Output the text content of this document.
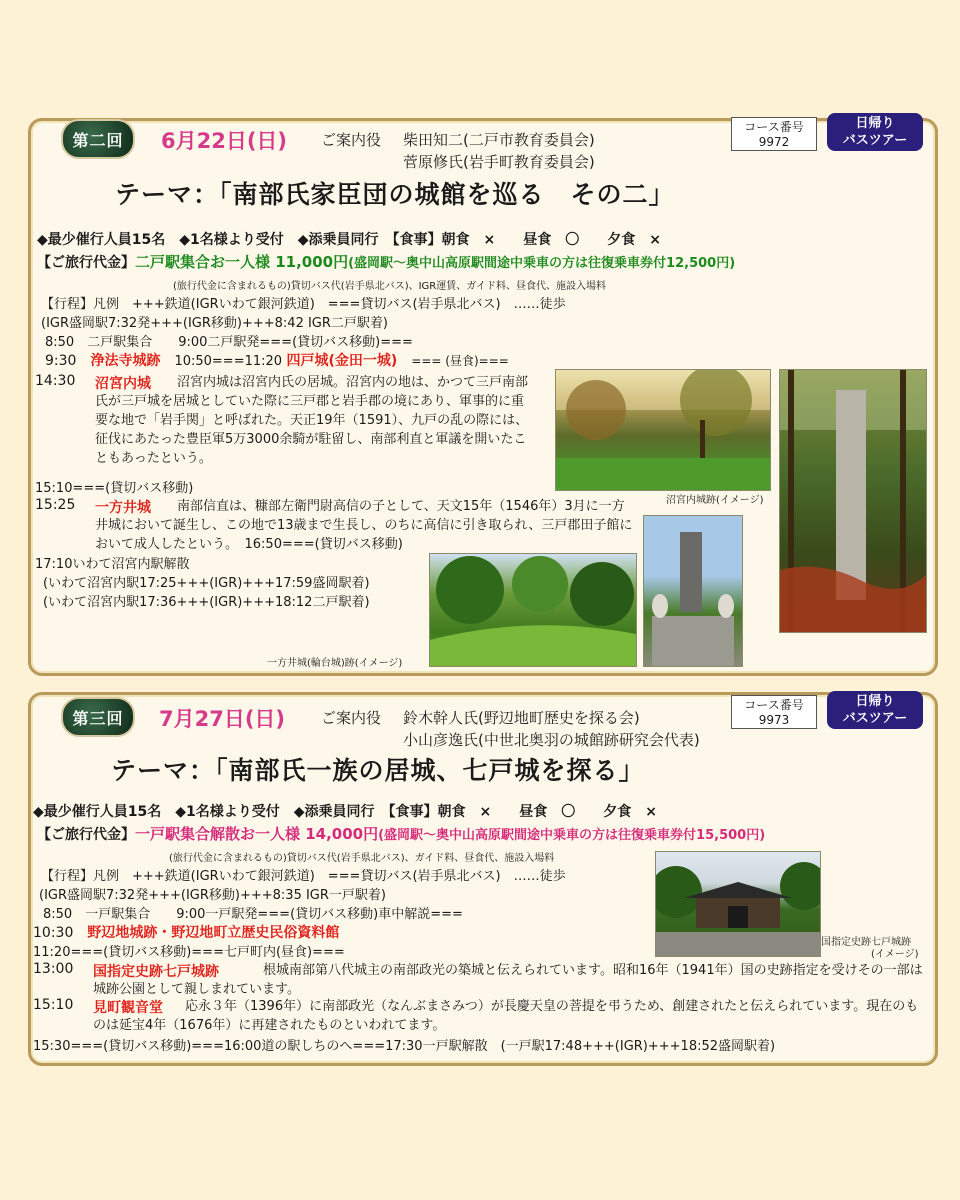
第二回	6月22日(日) ご案内役 柴田知二(二戸市教育委員会)
菅原修氏(岩手町教育委員会)
コース番号
9972
日帰り
バスツアー
テーマ：「南部氏家臣団の城館を巡る　その二」
◆最少催行人員15名　◆1名様より受付　◆添乗員同行　【食事】朝食　×　　昼食　〇　　夕食　×
【ご旅行代金】二戸駅集合お一人様 11,000円(盛岡駅～奥中山高原駅間途中乗車の方は往復乗車券付12,500円)
(旅行代金に含まれるもの)貸切バス代(岩手県北バス)、IGR運賃、ガイド料、昼食代、施設入場料
【行程】凡例　+++鉄道(IGRいわて銀河鉄道)　===貸切バス(岩手県北バス)　……徒歩
(IGR盛岡駅7:32発+++(IGR移動)+++8:42 IGR二戸駅着)
8:50　二戸駅集合　　9:00二戸駅発===(貸切バス移動)===
9:30　 浄法寺城跡　 10:50===11:20 四戸城(金田一城)　 === (昼食)===
14:30 沼宮内城	沼宮内城は沼宮内氏の居城。沼宮内の地は、かつて三戸南部氏が三戸城を居城としていた際に三戸郡と岩手郡の境にあり、軍事的に重要な地で「岩手関」と呼ばれた。天正19年（1591）、九戸の乱の際には、征伐にあたった豊臣軍5万3000余騎が駐留し、南部利直と軍議を開いたこともあったという。
15:10===(貸切バス移動)
15:25 一方井城	南部信直は、糠部左衛門尉高信の子として、天文15年（1546年）3月に一方井城において誕生し、この地で13歳まで生長し、のちに高信に引き取られ、三戸郡田子館において成人したという。　16:50===(貸切バス移動)
17:10いわて沼宮内駅解散
(いわて沼宮内駅17:25+++(IGR)+++17:59盛岡駅着)
(いわて沼宮内駅17:36+++(IGR)+++18:12二戸駅着)
沼宮内城跡(イメージ)
一方井城(輪台城)跡(イメージ)
第三回	7月27日(日) ご案内役 鈴木幹人氏(野辺地町歴史を探る会)
小山彦逸氏(中世北奥羽の城館跡研究会代表)
コース番号
9973
日帰り
バスツアー
テーマ：「南部氏一族の居城、七戸城を探る」
◆最少催行人員15名　◆1名様より受付　◆添乗員同行　【食事】朝食　×　　昼食　〇　　夕食　×
【ご旅行代金】一戸駅集合解散お一人様 14,000円(盛岡駅～奥中山高原駅間途中乗車の方は往復乗車券付15,500円)
(旅行代金に含まれるもの)貸切バス代(岩手県北バス)、ガイド料、昼食代、施設入場料
【行程】凡例　+++鉄道(IGRいわて銀河鉄道)　===貸切バス(岩手県北バス)　……徒歩
(IGR盛岡駅7:32発+++(IGR移動)+++8:35 IGR一戸駅着)
8:50　一戸駅集合　　9:00一戸駅発===(貸切バス移動)車中解説===
10:30　 野辺地城跡・野辺地町立歴史民俗資料館
11:20===(貸切バス移動)===七戸町内(昼食)===
13:00 国指定史跡七戸城跡	根城南部第八代城主の南部政光の築城と伝えられています。昭和16年（1941年）国の史跡指定を受けその一部は城跡公園として親しまれています。
15:10 見町観音堂	応永３年（1396年）に南部政光（なんぶまさみつ）が長慶天皇の菩提を弔うため、創建されたと伝えられています。現在のものは延宝4年（1676年）に再建されたものといわれてます。
15:30===(貸切バス移動)===16:00道の駅しちのへ===17:30一戸駅解散　(一戸駅17:48+++(IGR)+++18:52盛岡駅着)
国指定史跡七戸城跡
(イメージ)
